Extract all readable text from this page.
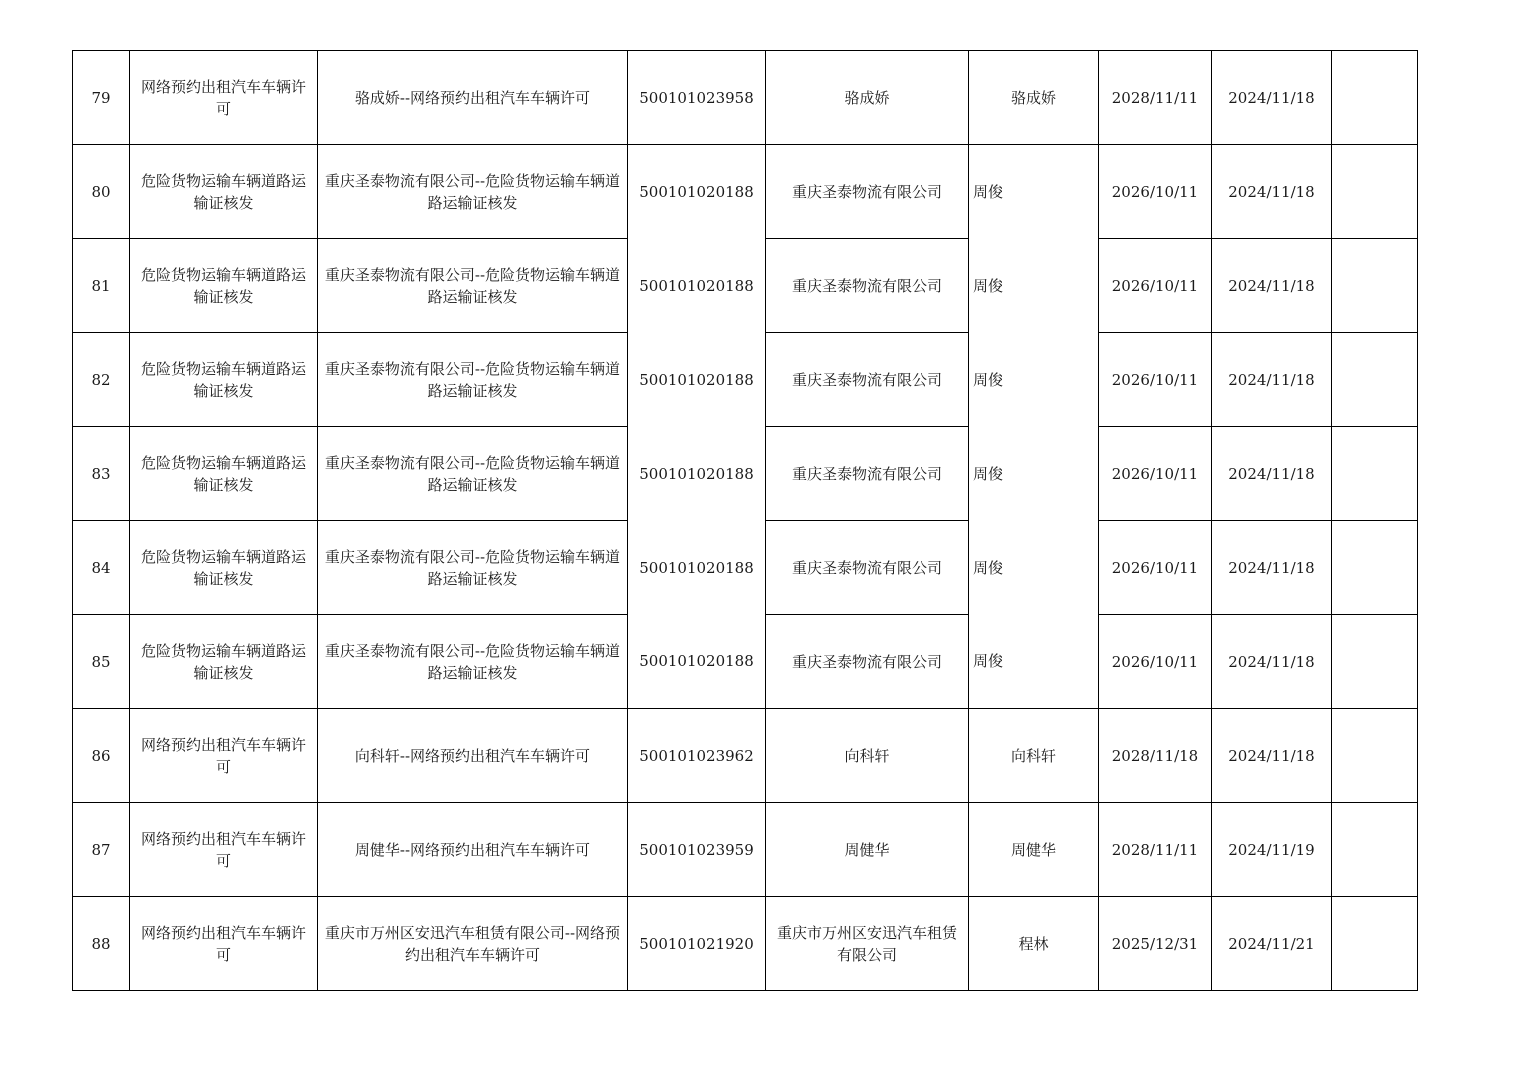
79	网络预约出租汽车车辆许可	骆成娇--网络预约出租汽车车辆许可	500101023958	骆成娇	骆成娇	2028/11/11	2024/11/18	
80	危险货物运输车辆道路运输证核发	重庆圣泰物流有限公司--危险货物运输车辆道路运输证核发	500101020188	重庆圣泰物流有限公司	周俊	2026/10/11	2024/11/18	
81	危险货物运输车辆道路运输证核发	重庆圣泰物流有限公司--危险货物运输车辆道路运输证核发	500101020188	重庆圣泰物流有限公司	周俊	2026/10/11	2024/11/18	
82	危险货物运输车辆道路运输证核发	重庆圣泰物流有限公司--危险货物运输车辆道路运输证核发	500101020188	重庆圣泰物流有限公司	周俊	2026/10/11	2024/11/18	
83	危险货物运输车辆道路运输证核发	重庆圣泰物流有限公司--危险货物运输车辆道路运输证核发	500101020188	重庆圣泰物流有限公司	周俊	2026/10/11	2024/11/18	
84	危险货物运输车辆道路运输证核发	重庆圣泰物流有限公司--危险货物运输车辆道路运输证核发	500101020188	重庆圣泰物流有限公司	周俊	2026/10/11	2024/11/18	
85	危险货物运输车辆道路运输证核发	重庆圣泰物流有限公司--危险货物运输车辆道路运输证核发	500101020188	重庆圣泰物流有限公司	周俊	2026/10/11	2024/11/18	
86	网络预约出租汽车车辆许可	向科轩--网络预约出租汽车车辆许可	500101023962	向科轩	向科轩	2028/11/18	2024/11/18	
87	网络预约出租汽车车辆许可	周健华--网络预约出租汽车车辆许可	500101023959	周健华	周健华	2028/11/11	2024/11/19	
88	网络预约出租汽车车辆许可	重庆市万州区安迅汽车租赁有限公司--网络预约出租汽车车辆许可	500101021920	重庆市万州区安迅汽车租赁有限公司	程林	2025/12/31	2024/11/21	
